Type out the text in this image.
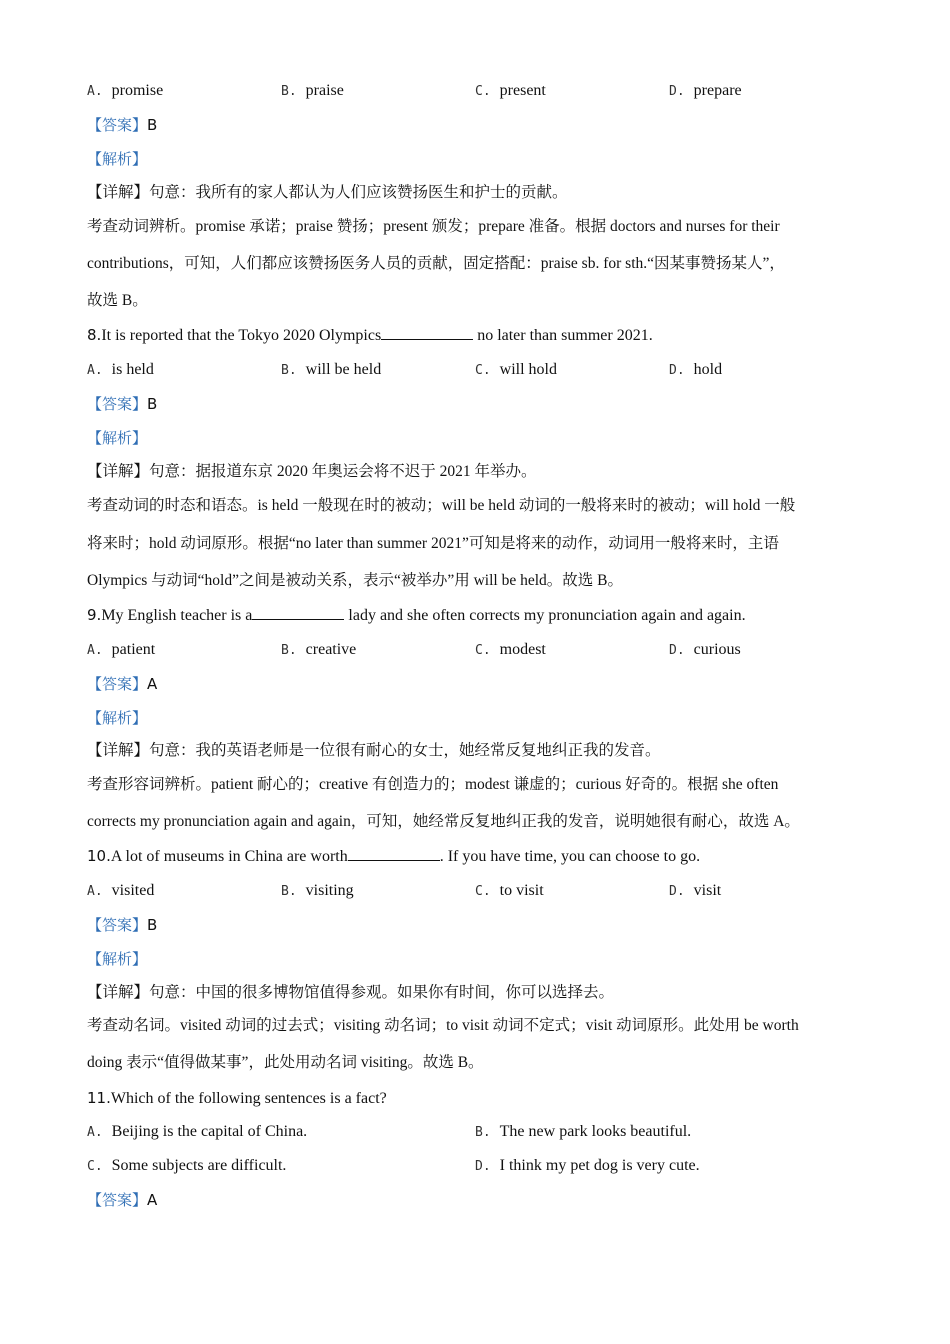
A. promise	B. praise	C. present	D. prepare
【答案】B
【解析】
【详解】句意：我所有的家人都认为人们应该赞扬医生和护士的贡献。
考查动词辨析。promise 承诺；praise 赞扬；present 颁发；prepare 准备。根据 doctors and nurses for their
contributions，可知，人们都应该赞扬医务人员的贡献，固定搭配：praise sb. for sth.“因某事赞扬某人”，
故选 B。
8.It is reported that the Tokyo 2020 Olympics	no later than summer 2021.
A. is held	B. will be held	C. will hold	D. hold
【答案】B
【解析】
【详解】句意：据报道东京 2020 年奥运会将不迟于 2021 年举办。
考查动词的时态和语态。is held 一般现在时的被动；will be held 动词的一般将来时的被动；will hold 一般
将来时；hold 动词原形。根据“no later than summer 2021”可知是将来的动作，动词用一般将来时，主语
Olympics 与动词“hold”之间是被动关系，表示“被举办”用 will be held。故选 B。
9.My English teacher is a	lady and she often corrects my pronunciation again and again.
A. patient	B. creative	C. modest	D. curious
【答案】A
【解析】
【详解】句意：我的英语老师是一位很有耐心的女士，她经常反复地纠正我的发音。
考查形容词辨析。patient 耐心的；creative 有创造力的；modest 谦虚的；curious 好奇的。根据 she often
corrects my pronunciation again and again，可知，她经常反复地纠正我的发音，说明她很有耐心，故选 A。
10.A lot of museums in China are worth	. If you have time, you can choose to go.
A. visited	B. visiting	C. to visit	D. visit
【答案】B
【解析】
【详解】句意：中国的很多博物馆值得参观。如果你有时间，你可以选择去。
考查动名词。visited 动词的过去式；visiting 动名词；to visit 动词不定式；visit 动词原形。此处用 be worth
doing 表示“值得做某事”，此处用动名词 visiting。故选 B。
11.Which of the following sentences is a fact?
A. Beijing is the capital of China.	B. The new park looks beautiful.
C. Some subjects are difficult.	D. I think my pet dog is very cute.
【答案】A
